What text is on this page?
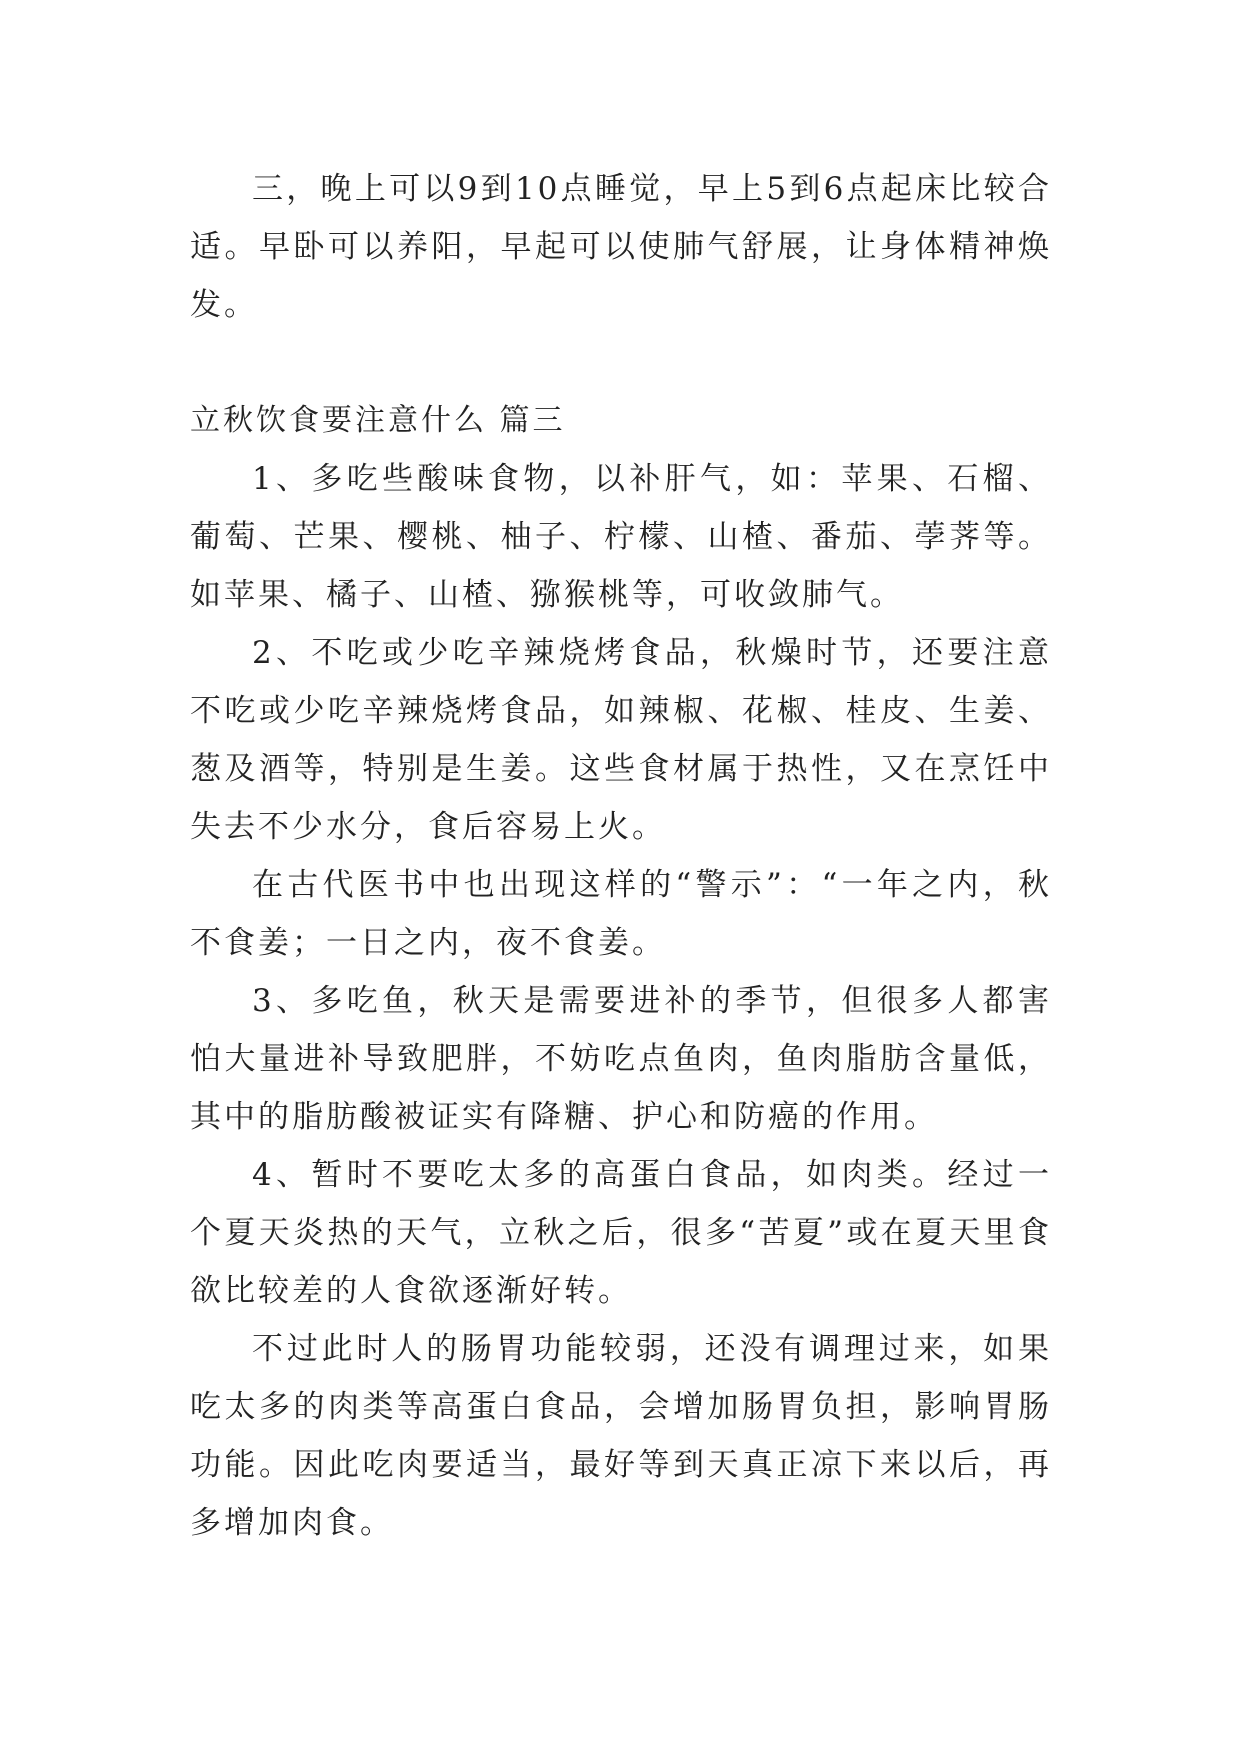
三，晚上可以9到10点睡觉，早上5到6点起床比较合适。早卧可以养阳，早起可以使肺气舒展，让身体精神焕发。

立秋饮食要注意什么 篇三

1、多吃些酸味食物，以补肝气，如：苹果、石榴、葡萄、芒果、樱桃、柚子、柠檬、山楂、番茄、荸荠等。如苹果、橘子、山楂、猕猴桃等，可收敛肺气。

2、不吃或少吃辛辣烧烤食品，秋燥时节，还要注意不吃或少吃辛辣烧烤食品，如辣椒、花椒、桂皮、生姜、葱及酒等，特别是生姜。这些食材属于热性，又在烹饪中失去不少水分，食后容易上火。

在古代医书中也出现这样的“警示”：“一年之内，秋不食姜；一日之内，夜不食姜。

3、多吃鱼，秋天是需要进补的季节，但很多人都害怕大量进补导致肥胖，不妨吃点鱼肉，鱼肉脂肪含量低，其中的脂肪酸被证实有降糖、护心和防癌的作用。

4、暂时不要吃太多的高蛋白食品，如肉类。经过一个夏天炎热的天气，立秋之后，很多“苦夏”或在夏天里食欲比较差的人食欲逐渐好转。

不过此时人的肠胃功能较弱，还没有调理过来，如果吃太多的肉类等高蛋白食品，会增加肠胃负担，影响胃肠功能。因此吃肉要适当，最好等到天真正凉下来以后，再多增加肉食。
